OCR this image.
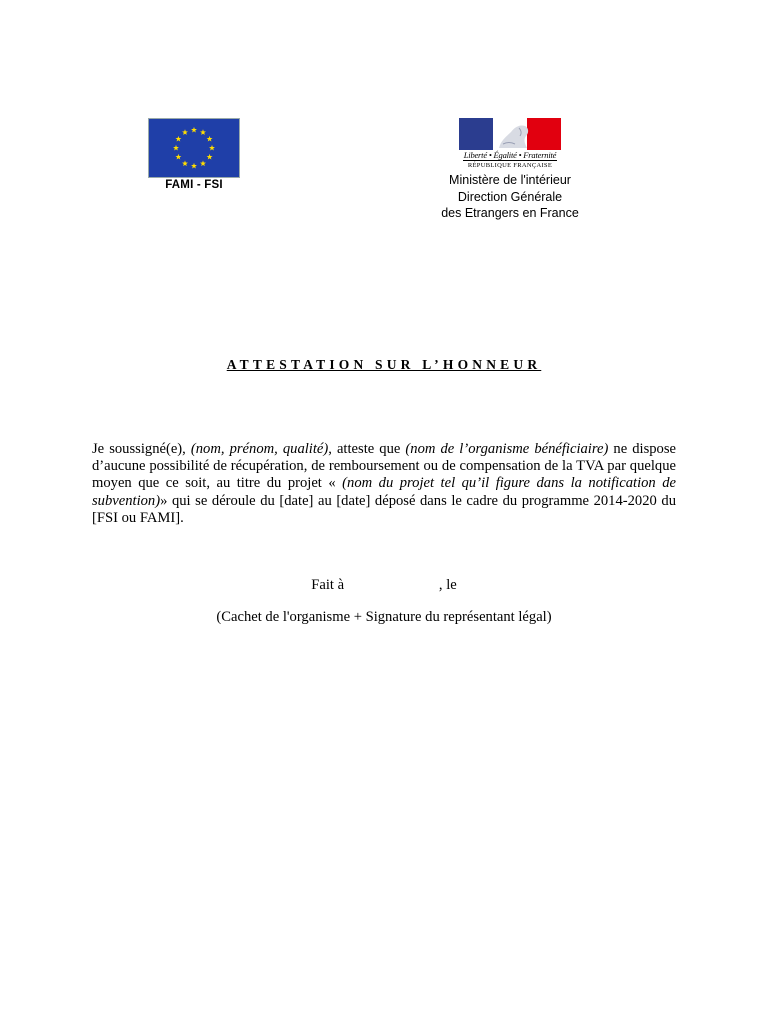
FAMI - FSI
Liberté • Égalité • Fraternité
RÉPUBLIQUE FRANÇAISE
Ministère de l'intérieur
Direction Générale
des Etrangers en France
ATTESTATION SUR L’HONNEUR
Je soussigné(e), (nom, prénom, qualité), atteste que (nom de l’organisme bénéficiaire) ne dispose d’aucune possibilité de récupération, de remboursement ou de compensation de la TVA par quelque moyen que ce soit, au titre du projet « (nom du projet tel qu’il figure dans la notification de subvention)» qui se déroule du [date] au [date] déposé dans le cadre du programme 2014-2020 du [FSI ou FAMI].
Fait à                          , le
(Cachet de l'organisme + Signature du représentant légal)
